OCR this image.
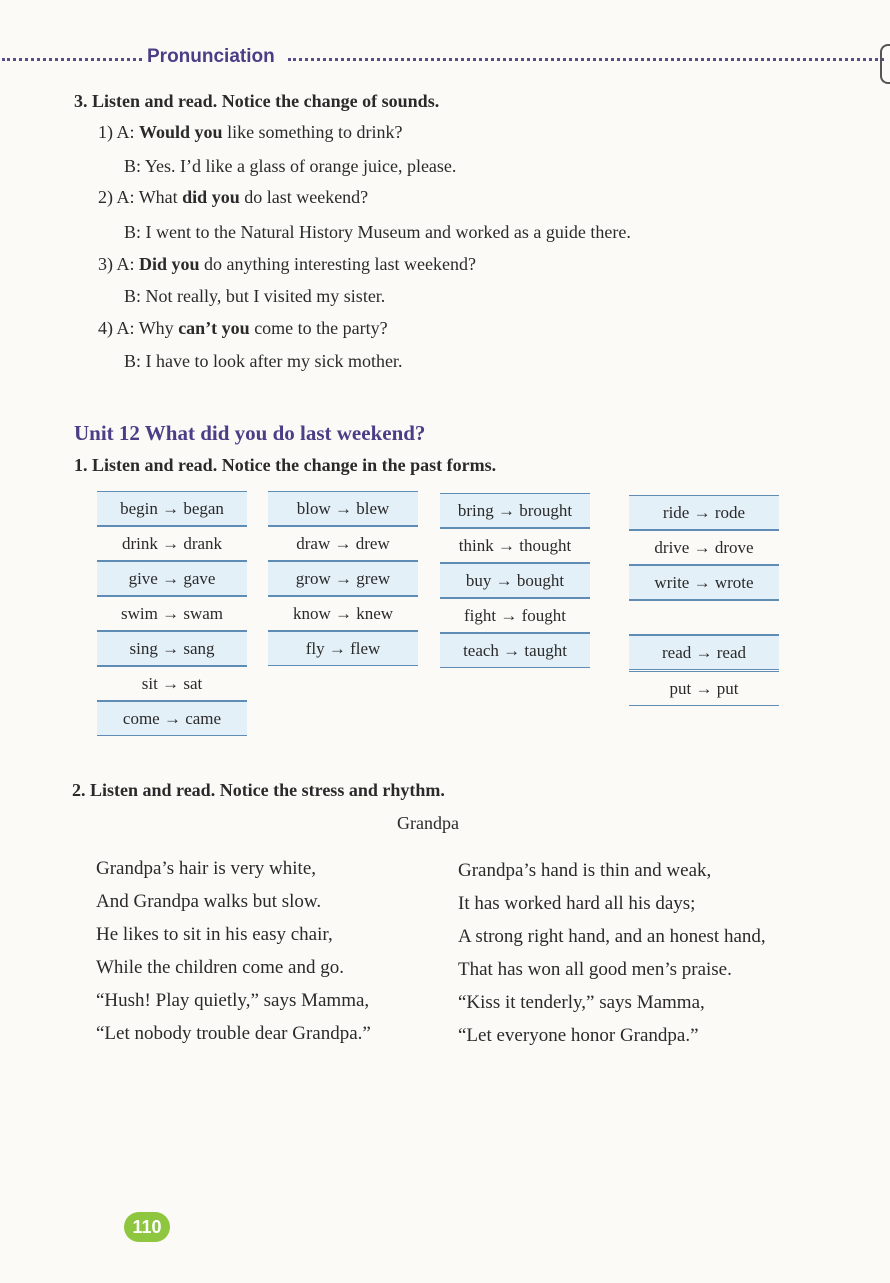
Pronunciation
3. Listen and read. Notice the change of sounds.
1) A: Would you like something to drink?
B: Yes. I’d like a glass of orange juice, please.
2) A: What did you do last weekend?
B: I went to the Natural History Museum and worked as a guide there.
3) A: Did you do anything interesting last weekend?
B: Not really, but I visited my sister.
4) A: Why can’t you come to the party?
B: I have to look after my sick mother.
Unit 12 What did you do last weekend?
1. Listen and read. Notice the change in the past forms.
begin → began
drink → drank
give → gave
swim → swam
sing → sang
sit → sat
come → came
blow → blew
draw → drew
grow → grew
know → knew
fly → flew
bring → brought
think → thought
buy → bought
fight → fought
teach → taught
ride → rode
drive → drove
write → wrote
read → read
put → put
2. Listen and read. Notice the stress and rhythm.
Grandpa
Grandpa’s hair is very white,
And Grandpa walks but slow.
He likes to sit in his easy chair,
While the children come and go.
“Hush! Play quietly,” says Mamma,
“Let nobody trouble dear Grandpa.”
Grandpa’s hand is thin and weak,
It has worked hard all his days;
A strong right hand, and an honest hand,
That has won all good men’s praise.
“Kiss it tenderly,” says Mamma,
“Let everyone honor Grandpa.”
110
